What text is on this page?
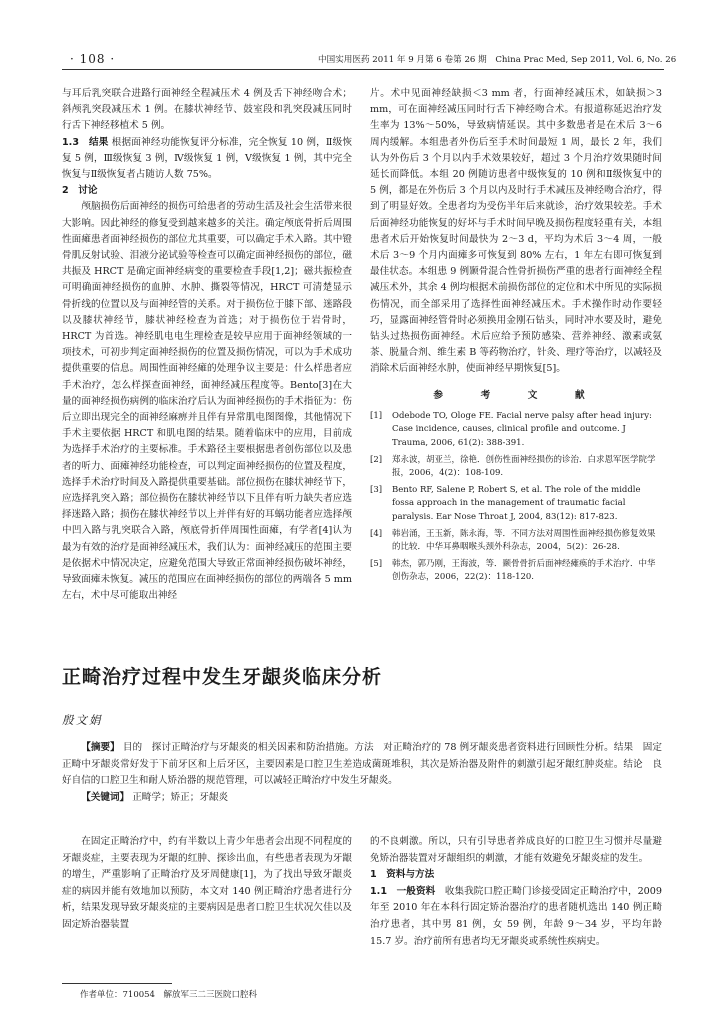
· 108 ·	中国实用医药 2011 年 9 月第 6 卷第 26 期　China Prac Med, Sep 2011, Vol. 6, No. 26

与耳后乳突联合进路行面神经全程减压术 4 例及舌下神经吻合术；斜颅乳突段减压术 1 例。在膝状神经节、鼓室段和乳突段减压同时行舌下神经移植术 5 例。

1.3　结果 根据面神经功能恢复评分标准，完全恢复 10 例，Ⅱ级恢复 5 例，Ⅲ级恢复 3 例，Ⅳ级恢复 1 例，Ⅴ级恢复 1 例，其中完全恢复与Ⅱ级恢复者占随访人数 75%。

2　讨论

　　颅脑损伤后面神经的损伤可给患者的劳动生活及社会生活带来很大影响。因此神经的修复受到越来越多的关注。确定颅底骨折后周围性面瘫患者面神经损伤的部位尤其重要，可以确定手术入路。其中镫骨肌反射试验、泪液分泌试验等检查可以确定面神经损伤的部位，磁共振及 HRCT 是确定面神经病变的重要检查手段[1,2]；磁共振检查可明确面神经损伤的血肿、水肿、撕裂等情况，HRCT 可清楚显示骨折线的位置以及与面神经管的关系。对于损伤位于膝下部、迷路段以及膝状神经节，膝状神经检查为首选；对于损伤位于岩骨时，HRCT 为首选。神经肌电电生理检查是较早应用于面神经领域的一项技术，可初步判定面神经损伤的位置及损伤情况，可以为手术成功提供重要的信息。周围性面神经瘫的处理争议主要是：什么样患者应手术治疗，怎么样探查面神经，面神经减压程度等。Bento[3]在大量的面神经损伤病例的临床治疗后认为面神经损伤的手术指征为：伤后立即出现完全的面神经麻痹并且伴有异常肌电图图像，其他情况下手术主要依据 HRCT 和肌电图的结果。随着临床中的应用，目前成为选择手术治疗的主要标准。手术路径主要根据患者创伤部位以及患者的听力、面瘫神经功能检查，可以判定面神经损伤的位置及程度，选择手术治疗时间及入路提供重要基础。部位损伤在膝状神经节下，应选择乳突入路；部位损伤在膝状神经节以下且伴有听力缺失者应选择迷路入路；损伤在膝状神经节以上并伴有好的耳蜗功能者应选择颅中凹入路与乳突联合入路，颅底骨折伴周围性面瘫，有学者[4]认为最为有效的治疗是面神经减压术，我们认为：面神经减压的范围主要是依据术中情况决定，应避免范围大导致正常面神经损伤破坏神经，导致面瘫未恢复。减压的范围应在面神经损伤的部位的两端各 5 mm 左右，术中尽可能取出神经

片。术中见面神经缺损＜3 mm 者，行面神经减压术，如缺损＞3 mm，可在面神经减压同时行舌下神经吻合术。有报道称延迟治疗发生率为 13%～50%，导致病情延误。其中多数患者是在术后 3～6 周内缓解。本组患者外伤后至手术时间最短 1 周，最长 2 年，我们认为外伤后 3 个月以内手术效果较好，超过 3 个月治疗效果随时间延长而降低。本组 20 例随访患者中级恢复的 10 例和Ⅱ级恢复中的 5 例，都是在外伤后 3 个月以内及时行手术减压及神经吻合治疗，得到了明显好效。全患者均为受伤半年后来就诊，治疗效果较差。手术后面神经功能恢复的好坏与手术时间早晚及损伤程度轻重有关，本组患者术后开始恢复时间最快为 2～3 d，平均为术后 3～4 周，一般术后 3～9 个月内面瘫多可恢复到 80% 左右，1 年左右即可恢复到最佳状态。本组患 9 例颞骨混合性骨折损伤严重的患者行面神经全程减压术外，其余 4 例均根据术前损伤部位的定位和术中所见的实际损伤情况，而全部采用了选择性面神经减压术。手术操作时动作要轻巧，显露面神经管骨时必须换用金刚石钻头，同时冲水要及时，避免钻头过热损伤面神经。术后应给予预防感染、营养神经、激素或氨茶、脱量合剂、维生素 B 等药物治疗，针灸、理疗等治疗，以减轻及消除术后面神经水肿，使面神经早期恢复[5]。

参　考　文　献
[1]	Odebode TO, Ologe FE. Facial nerve palsy after head injury: Case incidence, causes, clinical profile and outcome. J Trauma, 2006, 61(2): 388-391.
[2]	郑永波，胡亚兰，徐艳．创伤性面神经损伤的诊治．白求恩军医学院学报，2006，4(2)：108-109.
[3]	Bento RF, Salene P, Robert S, et al. The role of the middle fossa approach in the management of traumatic facial paralysis. Ear Nose Throat J, 2004, 83(12): 817-823.
[4]	韩岩涌，王玉新，陈永海，等．不同方法对周围性面神经损伤修复效果的比较．中华耳鼻咽喉头颈外科杂志，2004，5(2)：26-28.
[5]	韩杰，郭乃刚，王海波，等．颞骨骨折后面神经瘫痪的手术治疗．中华创伤杂志，2006，22(2)：118-120.
正畸治疗过程中发生牙龈炎临床分析
殷文娟

【摘要】 目的　探讨正畸治疗与牙龈炎的相关因素和防治措施。方法　对正畸治疗的 78 例牙龈炎患者资料进行回顾性分析。结果　固定正畸中牙龈炎常好发于下前牙区和上后牙区，主要因素是口腔卫生差造成菌斑堆积，其次是矫治器及附件的刺激引起牙龈红肿炎症。结论　良好自信的口腔卫生和耐人矫治器的规范管理，可以减轻正畸治疗中发生牙龈炎。

【关键词】 正畸学；矫正；牙龈炎

在固定正畸治疗中，约有半数以上青少年患者会出现不同程度的牙龈炎症，主要表现为牙龈的红肿、探诊出血，有些患者表现为牙龈的增生，严重影响了正畸治疗及牙周健康[1]，为了找出导致牙龈炎症的病因并能有效地加以预防，本文对 140 例正畸治疗患者进行分析，结果发现导致牙龈炎症的主要病因是患者口腔卫生状况欠佳以及固定矫治器装置

的不良刺激。所以，只有引导患者养成良好的口腔卫生习惯并尽量避免矫治器装置对牙龈组织的刺激，才能有效避免牙龈炎症的发生。

1　资料与方法

1.1　一般资料　 收集我院口腔正畸门诊接受固定正畸治疗中，2009 年至 2010 年在本科行固定矫治器治疗的患者随机选出 140 例正畸治疗患者，其中男 81 例，女 59 例，年龄 9～34 岁，平均年龄 15.7 岁。治疗前所有患者均无牙龈炎或系统性疾病史。

作者单位：710054　解放军三二三医院口腔科
